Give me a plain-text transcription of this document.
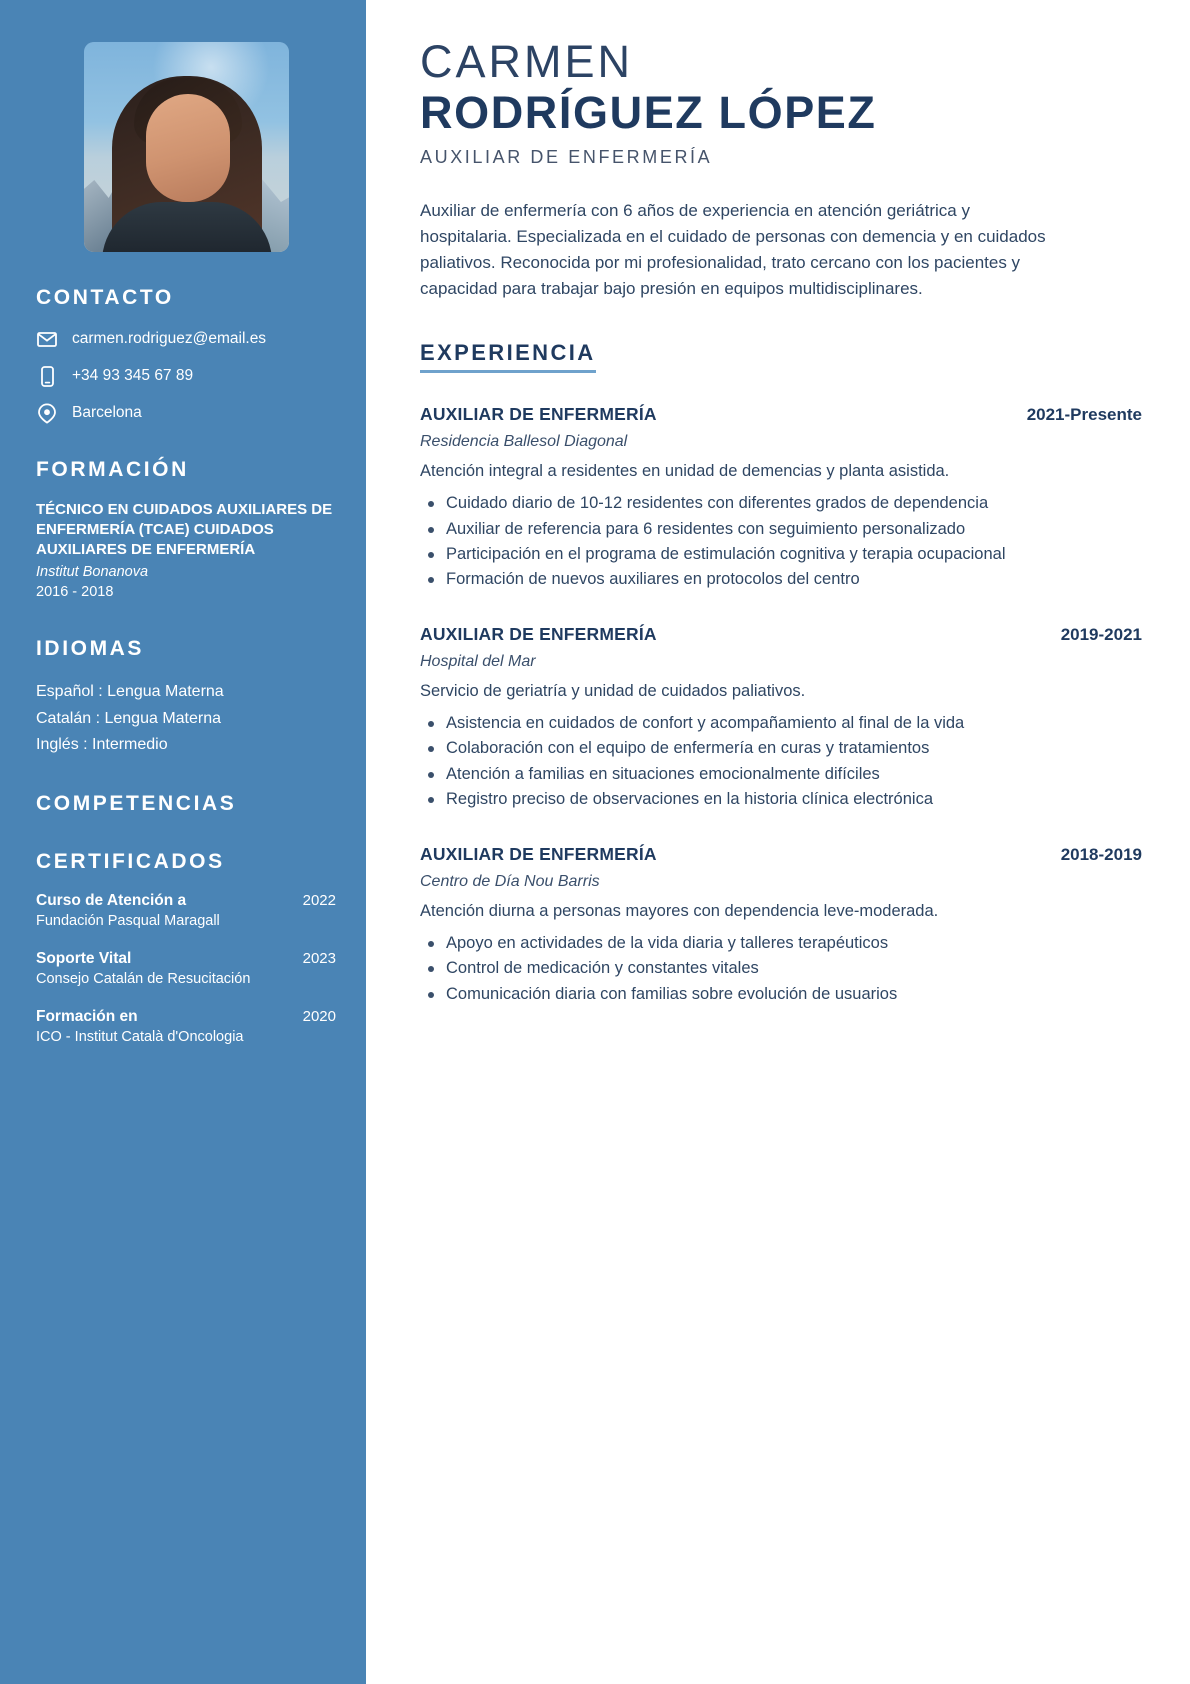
CONTACTO
carmen.rodriguez@email.es
+34 93 345 67 89
Barcelona
FORMACIÓN
TÉCNICO EN CUIDADOS AUXILIARES DE ENFERMERÍA (TCAE) CUIDADOS AUXILIARES DE ENFERMERÍA
Institut Bonanova
2016 - 2018
IDIOMAS
Español : Lengua Materna
Catalán : Lengua Materna
Inglés : Intermedio
COMPETENCIAS
CERTIFICADOS
Curso de Atención a	2022
Fundación Pasqual Maragall
Soporte Vital	2023
Consejo Catalán de Resucitación
Formación en	2020
ICO - Institut Català d'Oncologia
CARMEN
RODRÍGUEZ LÓPEZ
AUXILIAR DE ENFERMERÍA

Auxiliar de enfermería con 6 años de experiencia en atención geriátrica y hospitalaria. Especializada en el cuidado de personas con demencia y en cuidados paliativos. Reconocida por mi profesionalidad, trato cercano con los pacientes y capacidad para trabajar bajo presión en equipos multidisciplinares.

EXPERIENCIA
AUXILIAR DE ENFERMERÍA	2021-Presente
Residencia Ballesol Diagonal
Atención integral a residentes en unidad de demencias y planta asistida.
Cuidado diario de 10-12 residentes con diferentes grados de dependencia
Auxiliar de referencia para 6 residentes con seguimiento personalizado
Participación en el programa de estimulación cognitiva y terapia ocupacional
Formación de nuevos auxiliares en protocolos del centro
AUXILIAR DE ENFERMERÍA	2019-2021
Hospital del Mar
Servicio de geriatría y unidad de cuidados paliativos.
Asistencia en cuidados de confort y acompañamiento al final de la vida
Colaboración con el equipo de enfermería en curas y tratamientos
Atención a familias en situaciones emocionalmente difíciles
Registro preciso de observaciones en la historia clínica electrónica
AUXILIAR DE ENFERMERÍA	2018-2019
Centro de Día Nou Barris
Atención diurna a personas mayores con dependencia leve-moderada.
Apoyo en actividades de la vida diaria y talleres terapéuticos
Control de medicación y constantes vitales
Comunicación diaria con familias sobre evolución de usuarios
